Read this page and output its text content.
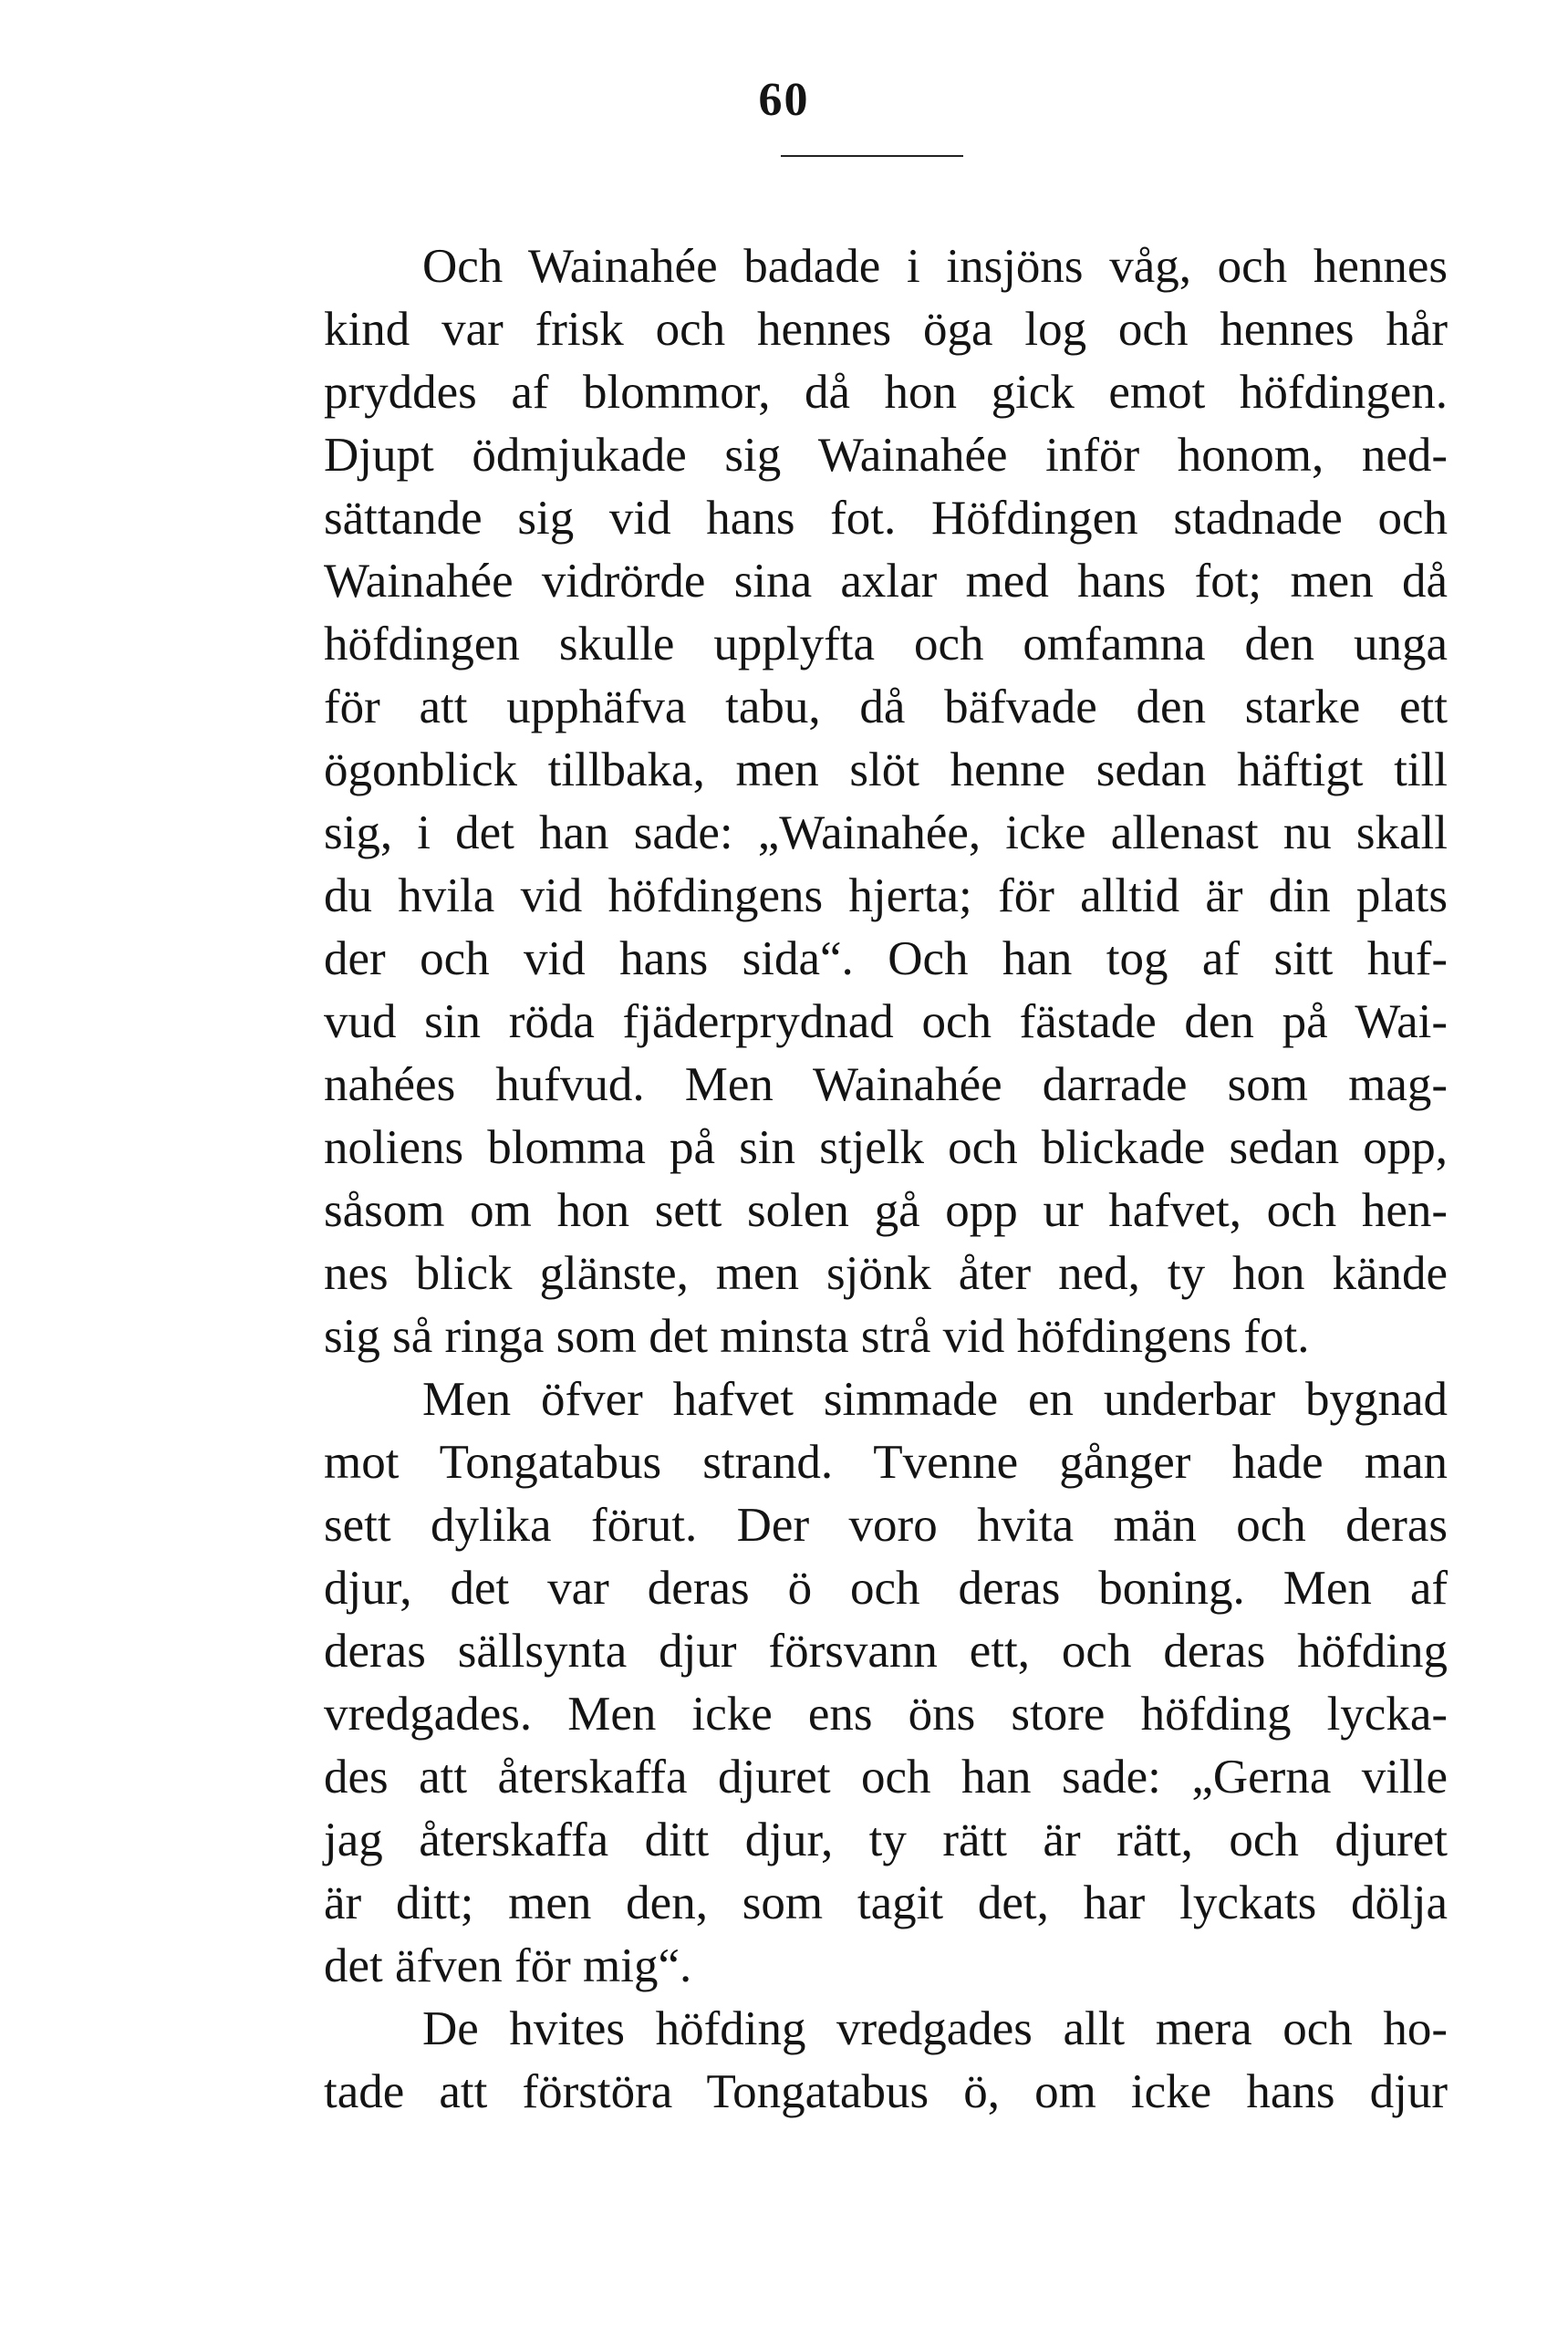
60
Och Wainahée badade i insjöns våg, och hennes
kind var frisk och hennes öga log och hennes hår
pryddes af blommor, då hon gick emot höfdingen.
Djupt ödmjukade sig Wainahée inför honom, ned-
sättande sig vid hans fot. Höfdingen stadnade och
Wainahée vidrörde sina axlar med hans fot; men då
höfdingen skulle upplyfta och omfamna den unga
för att upphäfva tabu, då bäfvade den starke ett
ögonblick tillbaka, men slöt henne sedan häftigt till
sig, i det han sade: „Wainahée, icke allenast nu skall
du hvila vid höfdingens hjerta; för alltid är din plats
der och vid hans sida“. Och han tog af sitt huf-
vud sin röda fjäderprydnad och fästade den på Wai-
nahées hufvud. Men Wainahée darrade som mag-
noliens blomma på sin stjelk och blickade sedan opp,
såsom om hon sett solen gå opp ur hafvet, och hen-
nes blick glänste, men sjönk åter ned, ty hon kände
sig så ringa som det minsta strå vid höfdingens fot.
Men öfver hafvet simmade en underbar bygnad
mot Tongatabus strand. Tvenne gånger hade man
sett dylika förut. Der voro hvita män och deras
djur, det var deras ö och deras boning. Men af
deras sällsynta djur försvann ett, och deras höfding
vredgades. Men icke ens öns store höfding lycka-
des att återskaffa djuret och han sade: „Gerna ville
jag återskaffa ditt djur, ty rätt är rätt, och djuret
är ditt; men den, som tagit det, har lyckats dölja
det äfven för mig“.
De hvites höfding vredgades allt mera och ho-
tade att förstöra Tongatabus ö, om icke hans djur
